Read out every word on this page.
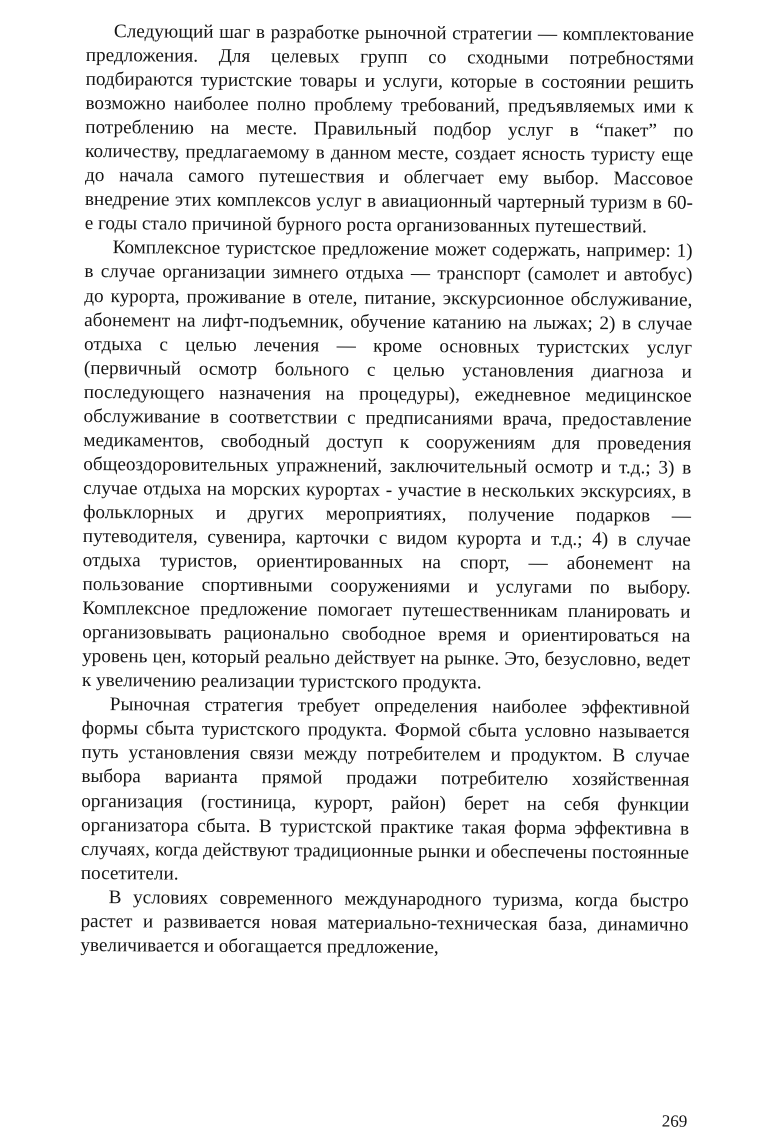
Следующий шаг в разработке рыночной стратегии — комплектование предложения. Для целевых групп со сходными потребностями подбираются туристские товары и услуги, которые в состоянии решить возможно наиболее полно проблему требований, предъявляемых ими к потреблению на месте. Правильный подбор услуг в “пакет” по количеству, предлагаемому в данном месте, создает ясность туристу еще до начала самого путешествия и облегчает ему выбор. Массовое внедрение этих комплексов услуг в авиационный чартерный туризм в 60-е годы стало причиной бурного роста организованных путешествий.

Комплексное туристское предложение может содержать, например: 1) в случае организации зимнего отдыха — транспорт (самолет и автобус) до курорта, проживание в отеле, питание, экскурсионное обслуживание, абонемент на лифт-подъемник, обучение катанию на лыжах; 2) в случае отдыха с целью лечения — кроме основных туристских услуг (первичный осмотр больного с целью установления диагноза и последующего назначения на процедуры), ежедневное медицинское обслуживание в соответствии с предписаниями врача, предоставление медикаментов, свободный доступ к сооружениям для проведения общеоздоровительных упражнений, заключительный осмотр и т.д.; 3) в случае отдыха на морских курортах - участие в нескольких экскурсиях, в фольклорных и других мероприятиях, получение подарков — путеводителя, сувенира, карточки с видом курорта и т.д.; 4) в случае отдыха туристов, ориентированных на спорт, — абонемент на пользование спортивными сооружениями и услугами по выбору. Комплексное предложение помогает путешественникам планировать и организовывать рационально свободное время и ориентироваться на уровень цен, который реально действует на рынке. Это, безусловно, ведет к увеличению реализации туристского продукта.

Рыночная стратегия требует определения наиболее эффективной формы сбыта туристского продукта. Формой сбыта условно называется путь установления связи между потребителем и продуктом. В случае выбора варианта прямой продажи потребителю хозяйственная организация (гостиница, курорт, район) берет на себя функции организатора сбыта. В туристской практике такая форма эффективна в случаях, когда действуют традиционные рынки и обеспечены постоянные посетители.

В условиях современного международного туризма, когда быстро растет и развивается новая материально-техническая база, динамично увеличивается и обогащается предложение,

269
